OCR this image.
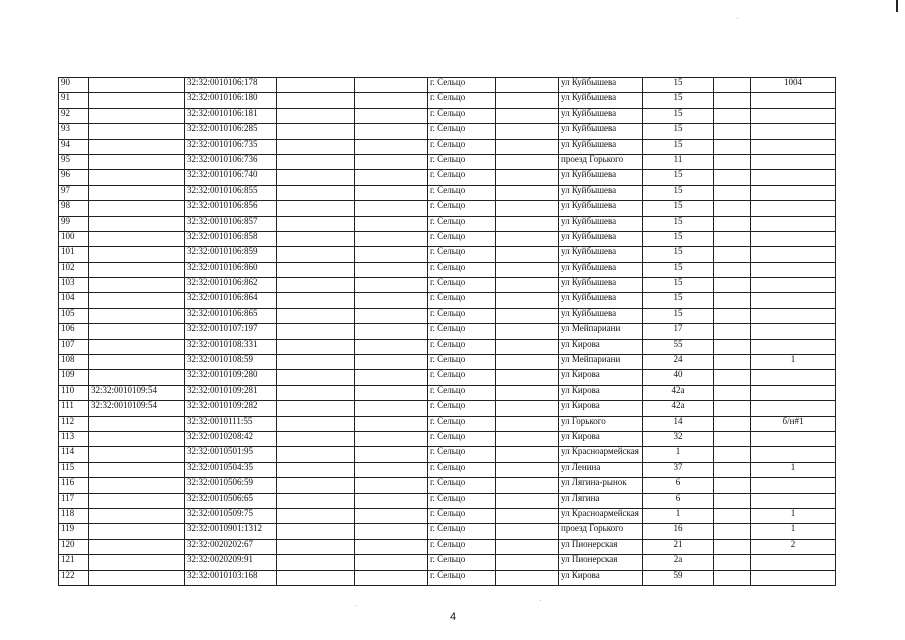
90		32:32:0010106:178			г. Сельцо		ул Куйбышева	15		1004
91		32:32:0010106:180			г. Сельцо		ул Куйбышева	15		
92		32:32:0010106:181			г. Сельцо		ул Куйбышева	15		
93		32:32:0010106:285			г. Сельцо		ул Куйбышева	15		
94		32:32:0010106:735			г. Сельцо		ул Куйбышева	15		
95		32:32:0010106:736			г. Сельцо		проезд Горького	11		
96		32:32:0010106:740			г. Сельцо		ул Куйбышева	15		
97		32:32:0010106:855			г. Сельцо		ул Куйбышева	15		
98		32:32:0010106:856			г. Сельцо		ул Куйбышева	15		
99		32:32:0010106:857			г. Сельцо		ул Куйбышева	15		
100		32:32:0010106:858			г. Сельцо		ул Куйбышева	15		
101		32:32:0010106:859			г. Сельцо		ул Куйбышева	15		
102		32:32:0010106:860			г. Сельцо		ул Куйбышева	15		
103		32:32:0010106:862			г. Сельцо		ул Куйбышева	15		
104		32:32:0010106:864			г. Сельцо		ул Куйбышева	15		
105		32:32:0010106:865			г. Сельцо		ул Куйбышева	15		
106		32:32:0010107:197			г. Сельцо		ул Мейпариани	17		
107		32:32:0010108:331			г. Сельцо		ул Кирова	55		
108		32:32:0010108:59			г. Сельцо		ул Мейпариани	24		1
109		32:32:0010109:280			г. Сельцо		ул Кирова	40		
110	32:32:0010109:54	32:32:0010109:281			г. Сельцо		ул Кирова	42а		
111	32:32:0010109:54	32:32:0010109:282			г. Сельцо		ул Кирова	42а		
112		32:32:0010111:55			г. Сельцо		ул Горького	14		б/н#1
113		32:32:0010208:42			г. Сельцо		ул Кирова	32		
114		32:32:0010501:95			г. Сельцо		ул Красноармейская	1		
115		32:32:0010504:35			г. Сельцо		ул Ленина	37		1
116		32:32:0010506:59			г. Сельцо		ул Лягина-рынок	6		
117		32:32:0010506:65			г. Сельцо		ул Лягина	6		
118		32:32:0010509:75			г. Сельцо		ул Красноармейская	1		1
119		32:32:0010901:1312			г. Сельцо		проезд Горького	16		1
120		32:32:0020202:67			г. Сельцо		ул Пионерская	21		2
121		32:32:0020209:91			г. Сельцо		ул Пионерская	2а		
122		32:32:0010103:168			г. Сельцо		ул Кирова	59		
4
